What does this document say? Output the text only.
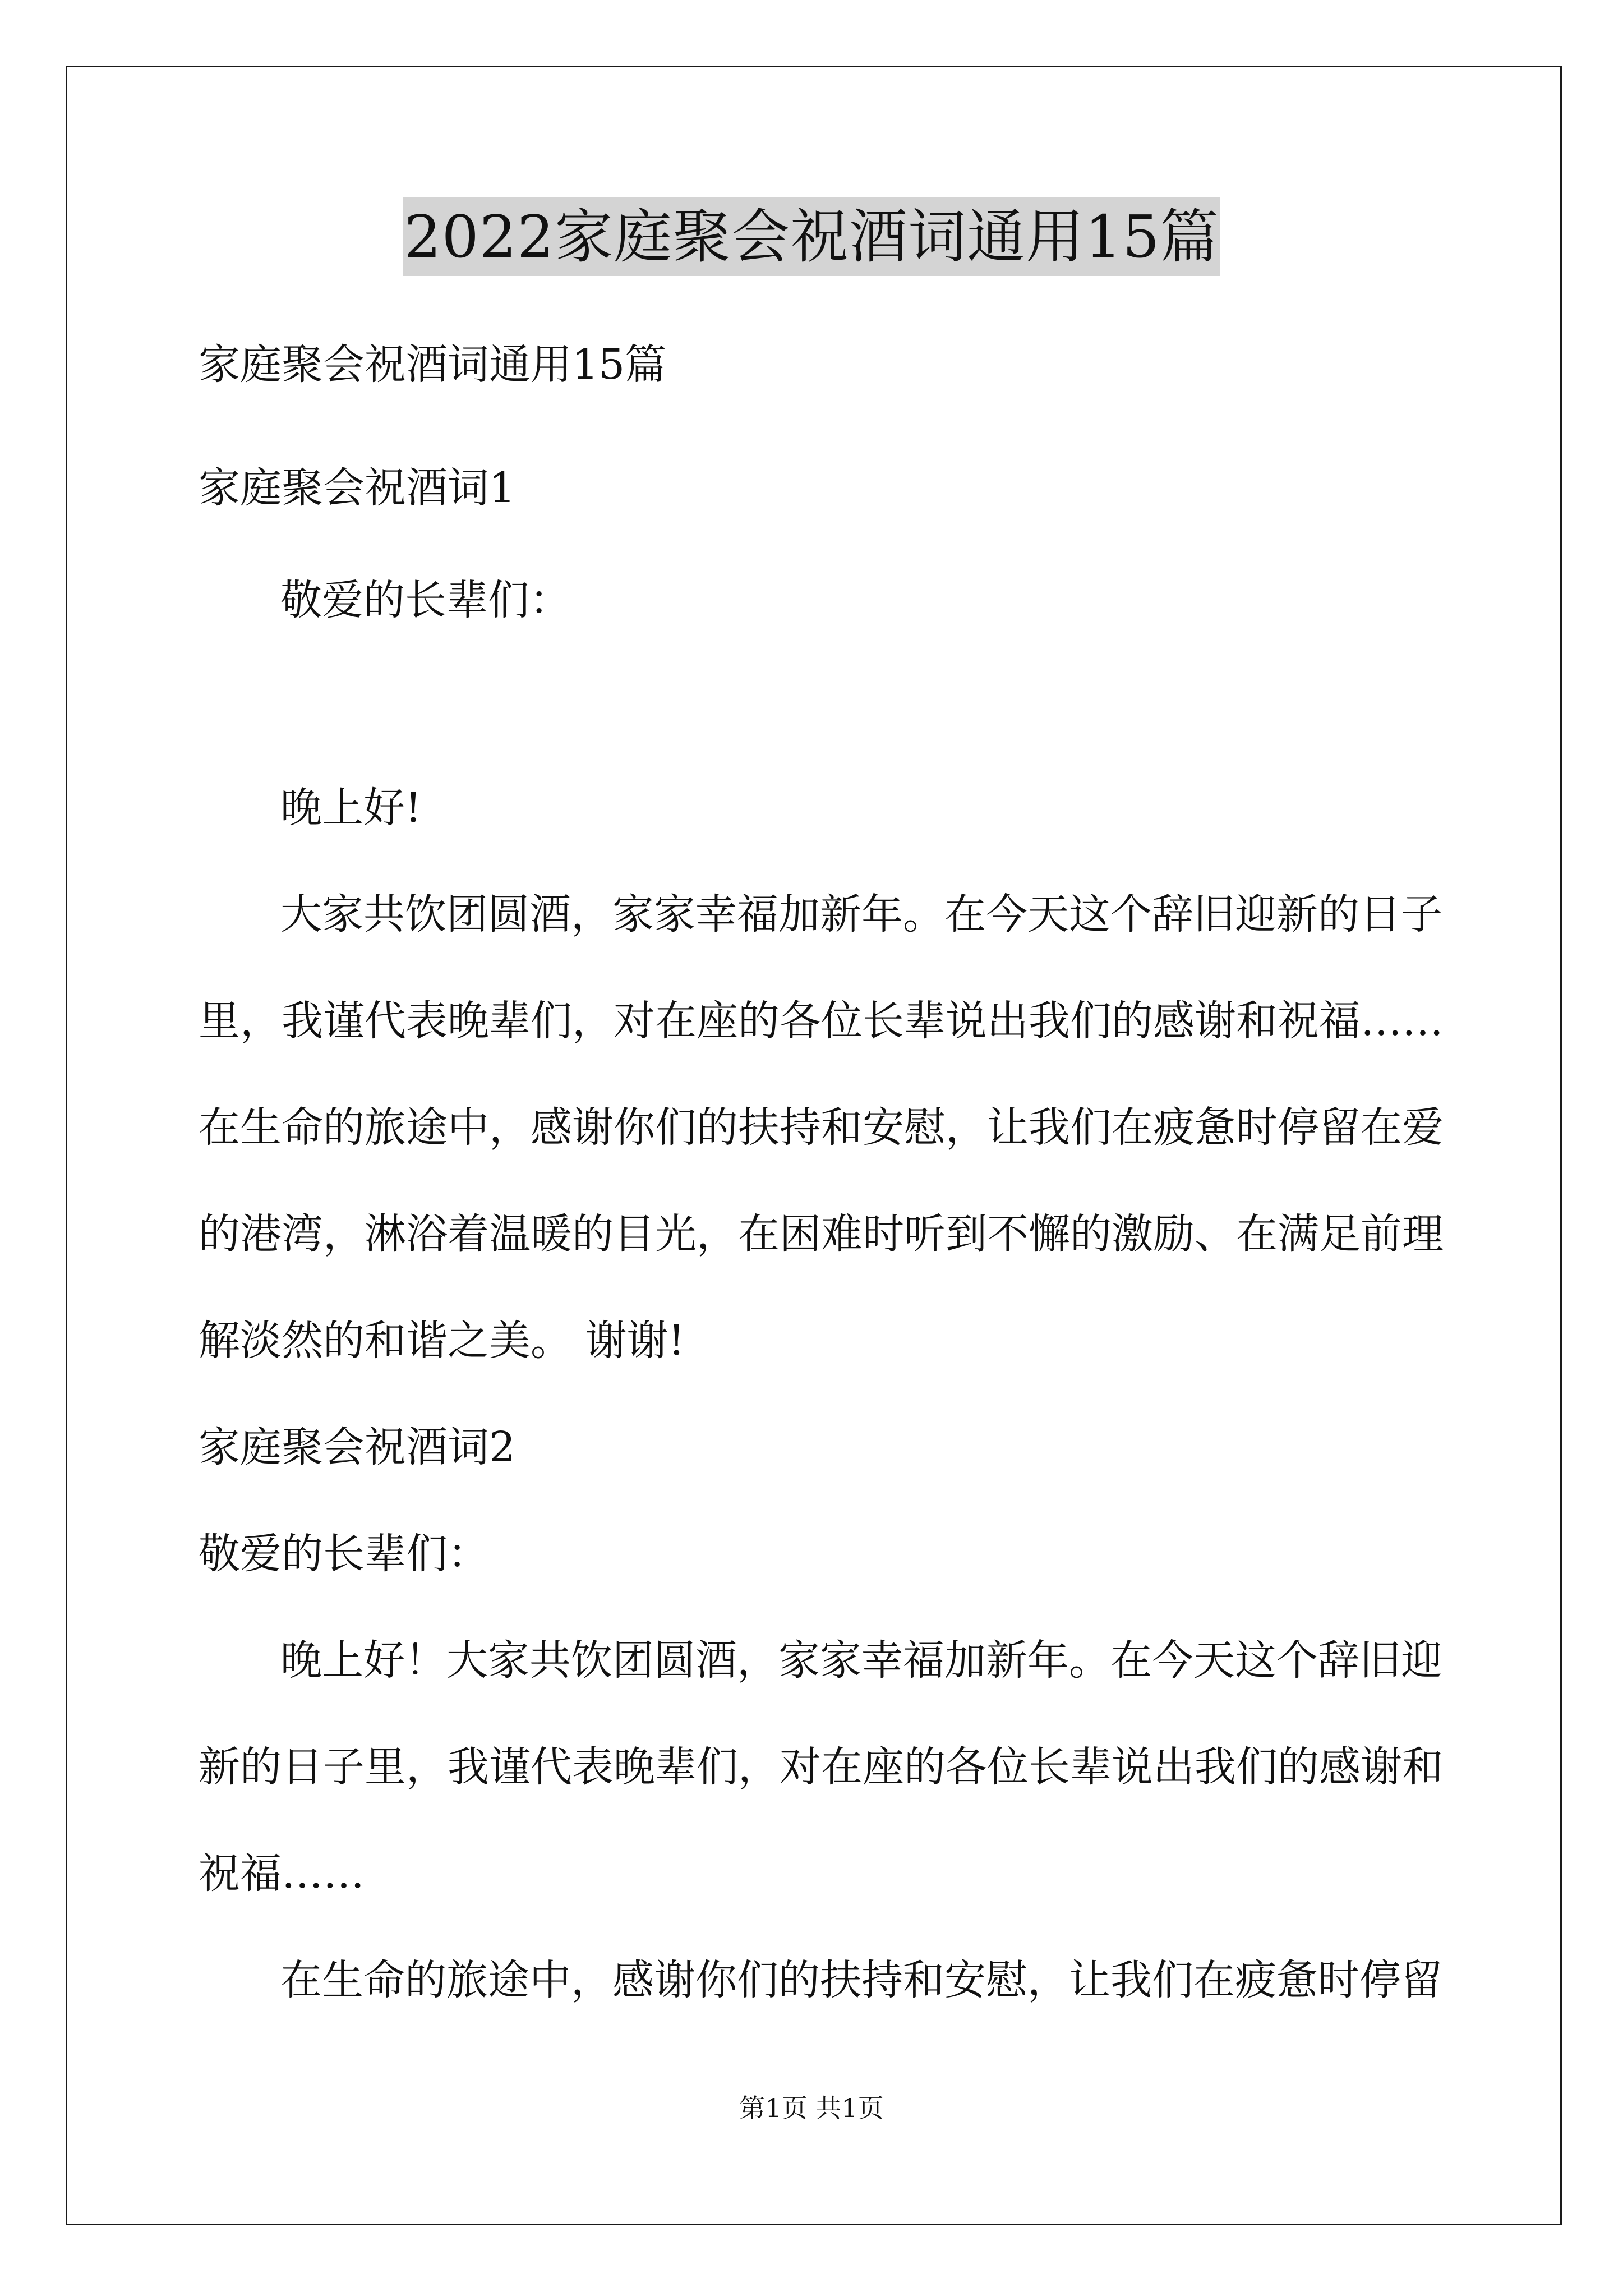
2022家庭聚会祝酒词通用15篇
家庭聚会祝酒词通用15篇
家庭聚会祝酒词1
敬爱的长辈们：
晚上好!
大家共饮团圆酒，家家幸福加新年。在今天这个辞旧迎新的日子
里，我谨代表晚辈们，对在座的各位长辈说出我们的感谢和祝福……
在生命的旅途中，感谢你们的扶持和安慰，让我们在疲惫时停留在爱
的港湾，淋浴着温暖的目光，在困难时听到不懈的激励、在满足前理
解淡然的和谐之美。 谢谢!
家庭聚会祝酒词2
敬爱的长辈们：
晚上好！大家共饮团圆酒，家家幸福加新年。在今天这个辞旧迎
新的日子里，我谨代表晚辈们，对在座的各位长辈说出我们的感谢和
祝福……
在生命的旅途中，感谢你们的扶持和安慰，让我们在疲惫时停留
第1页 共1页
